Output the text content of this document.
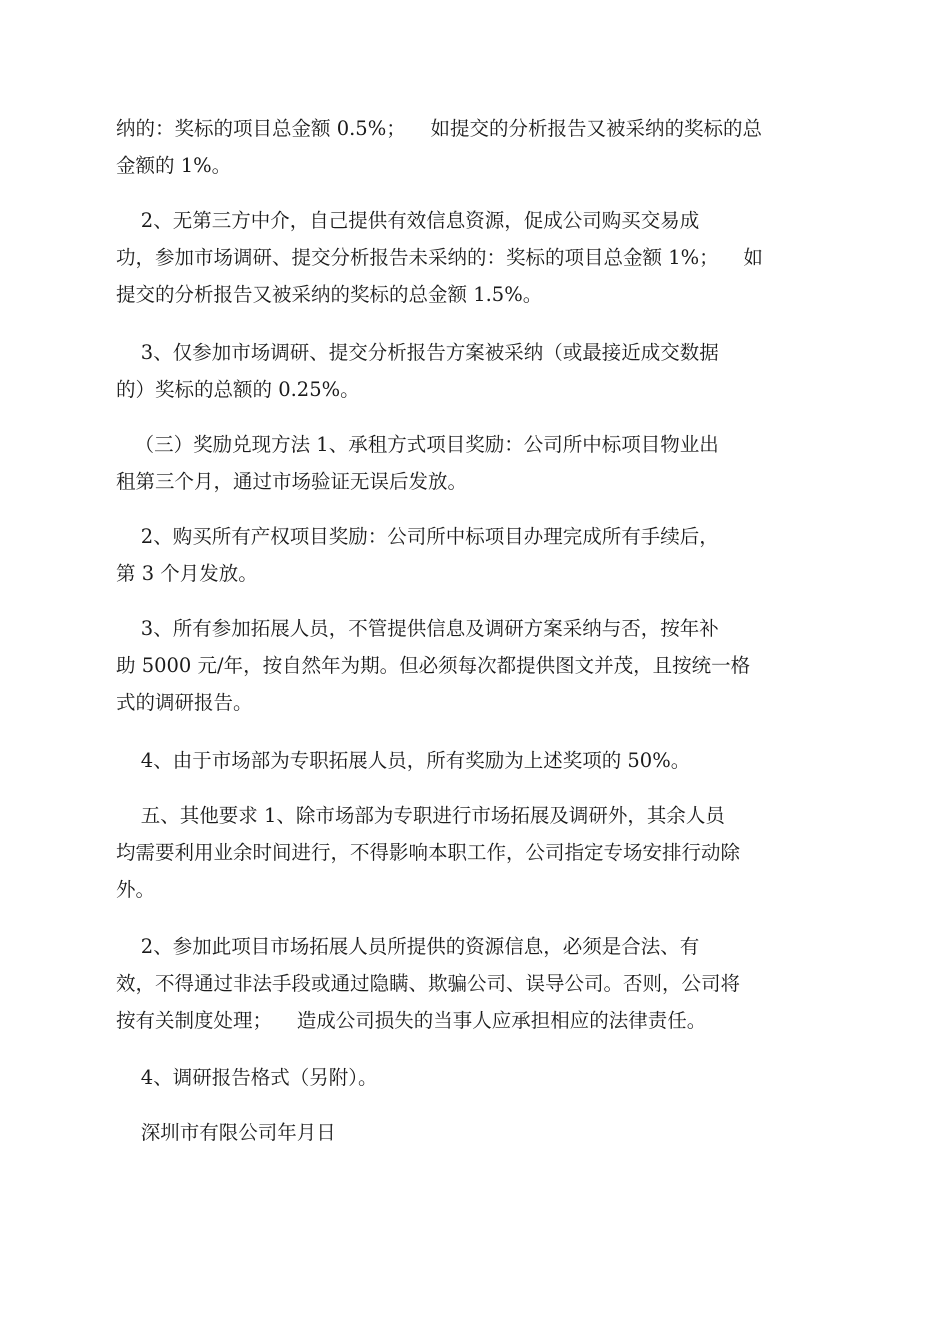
纳的：奖标的项目总金额 0.5%；    如提交的分析报告又被采纳的奖标的总
金额的 1%。

2、无第三方中介，自己提供有效信息资源，促成公司购买交易成
功，参加市场调研、提交分析报告未采纳的：奖标的项目总金额 1%；    如
提交的分析报告又被采纳的奖标的总金额 1.5%。

3、仅参加市场调研、提交分析报告方案被采纳（或最接近成交数据
的）奖标的总额的 0.25%。

（三）奖励兑现方法 1、承租方式项目奖励：公司所中标项目物业出
租第三个月，通过市场验证无误后发放。

2、购买所有产权项目奖励：公司所中标项目办理完成所有手续后，
第 3 个月发放。

3、所有参加拓展人员，不管提供信息及调研方案采纳与否，按年补
助 5000 元/年，按自然年为期。但必须每次都提供图文并茂，且按统一格
式的调研报告。

4、由于市场部为专职拓展人员，所有奖励为上述奖项的 50%。

五、其他要求 1、除市场部为专职进行市场拓展及调研外，其余人员
均需要利用业余时间进行，不得影响本职工作，公司指定专场安排行动除
外。

2、参加此项目市场拓展人员所提供的资源信息，必须是合法、有
效，不得通过非法手段或通过隐瞒、欺骗公司、误导公司。否则，公司将
按有关制度处理；    造成公司损失的当事人应承担相应的法律责任。

4、调研报告格式（另附）。

深圳市有限公司年月日
